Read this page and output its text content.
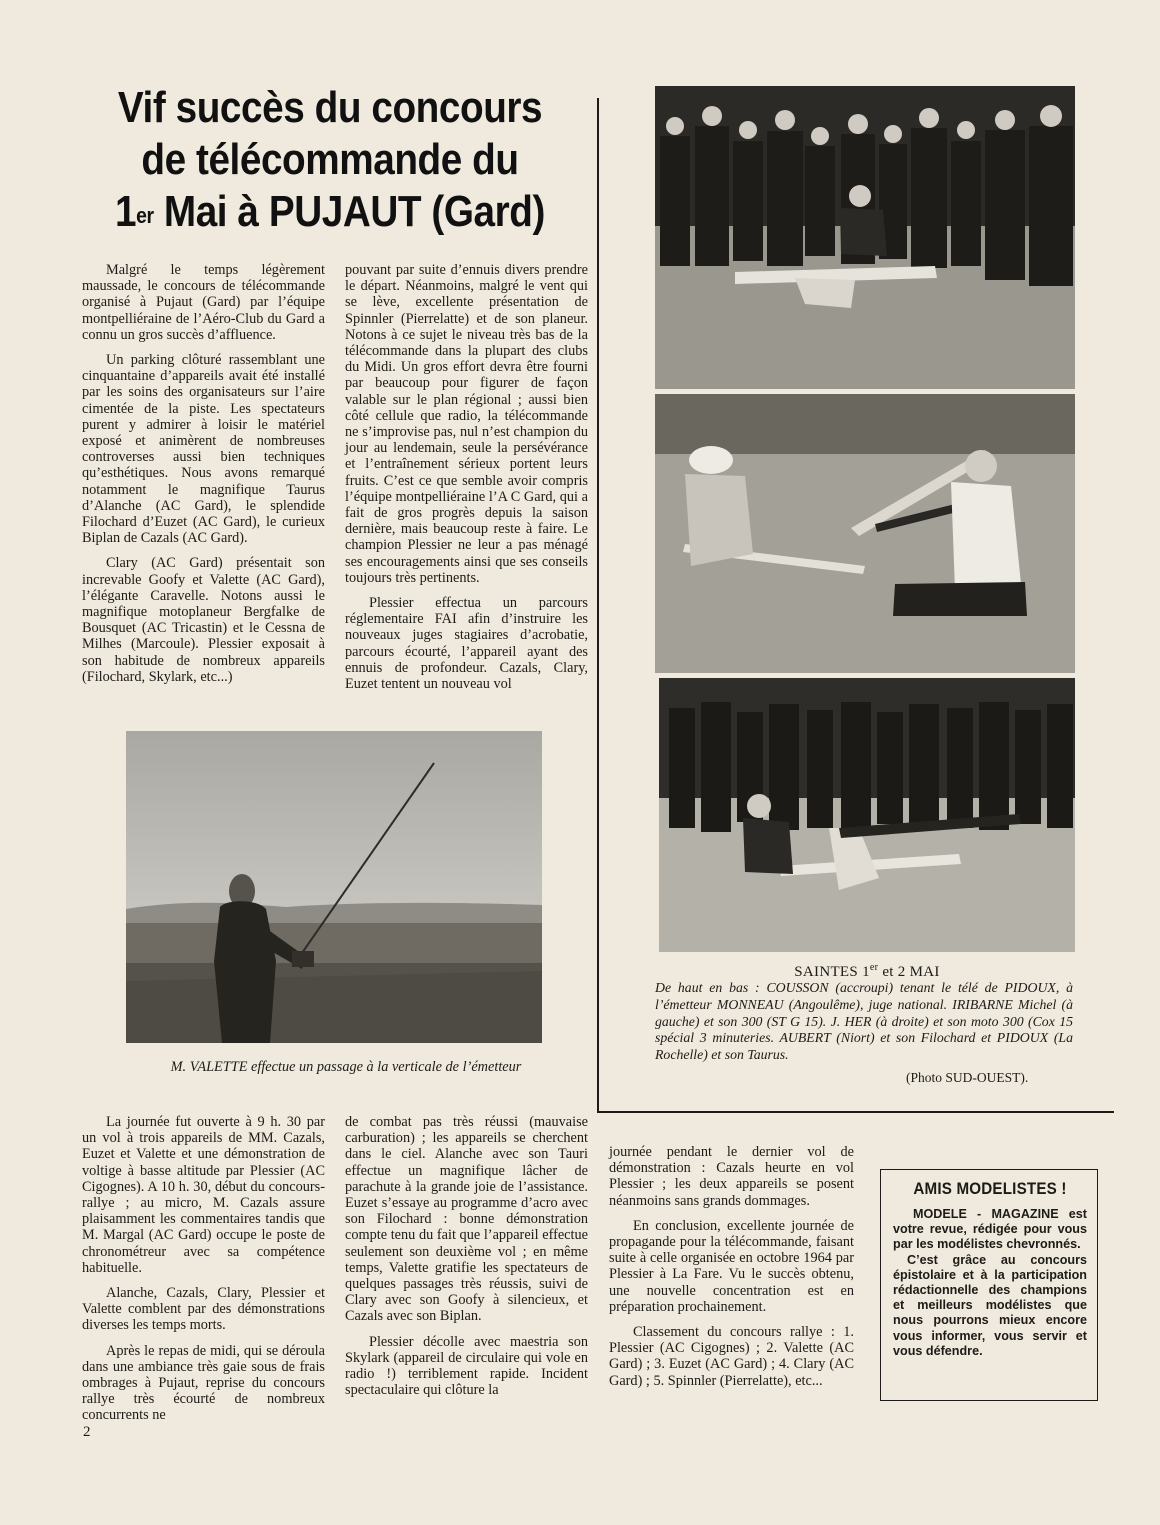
Vif succès du concours
de télécommande du
1er Mai à PUJAUT (Gard)

Malgré le temps légèrement maussade, le concours de télécommande organisé à Pujaut (Gard) par l’équipe montpelliéraine de l’Aéro-Club du Gard a connu un gros succès d’affluence.

Un parking clôturé rassemblant une cinquantaine d’appareils avait été installé par les soins des organisateurs sur l’aire cimentée de la piste. Les spectateurs purent y admirer à loisir le matériel exposé et animèrent de nombreuses controverses aussi bien techniques qu’esthétiques. Nous avons remarqué notamment le magnifique Taurus d’Alanche (AC Gard), le splendide Filochard d’Euzet (AC Gard), le curieux Biplan de Cazals (AC Gard).

Clary (AC Gard) présentait son increvable Goofy et Valette (AC Gard), l’élégante Caravelle. Notons aussi le magnifique motoplaneur Bergfalke de Bousquet (AC Tricastin) et le Cessna de Milhes (Marcoule). Plessier exposait à son habitude de nombreux appareils (Filochard, Skylark, etc...)

pouvant par suite d’ennuis divers prendre le départ. Néanmoins, malgré le vent qui se lève, excellente présentation de Spinnler (Pierrelatte) et de son planeur. Notons à ce sujet le niveau très bas de la télécommande dans la plupart des clubs du Midi. Un gros effort devra être fourni par beaucoup pour figurer de façon valable sur le plan régional ; aussi bien côté cellule que radio, la télécommande ne s’improvise pas, nul n’est champion du jour au lendemain, seule la persévérance et l’entraînement sérieux portent leurs fruits. C’est ce que semble avoir compris l’équipe montpelliéraine l’A C Gard, qui a fait de gros progrès depuis la saison dernière, mais beaucoup reste à faire. Le champion Plessier ne leur a pas ménagé ses encouragements ainsi que ses conseils toujours très pertinents.

Plessier effectua un parcours réglementaire FAI afin d’instruire les nouveaux juges stagiaires d’acrobatie, parcours écourté, l’appareil ayant des ennuis de profondeur. Cazals, Clary, Euzet tentent un nouveau vol

M. VALETTE effectue un passage à la verticale de l’émetteur
SAINTES 1er et 2 MAI
De haut en bas : COUSSON (accroupi) tenant le télé de PIDOUX, à l’émetteur MONNEAU (Angoulême), juge national. IRIBARNE Michel (à gauche) et son 300 (ST G 15). J. HER (à droite) et son moto 300 (Cox 15 spécial 3 minuteries. AUBERT (Niort) et son Filochard et PIDOUX (La Rochelle) et son Taurus.
(Photo SUD-OUEST).

La journée fut ouverte à 9 h. 30 par un vol à trois appareils de MM. Cazals, Euzet et Valette et une démonstration de voltige à basse altitude par Plessier (AC Cigognes). A 10 h. 30, début du concours-rallye ; au micro, M. Cazals assure plaisamment les commentaires tandis que M. Margal (AC Gard) occupe le poste de chronométreur avec sa compétence habituelle.

Alanche, Cazals, Clary, Plessier et Valette comblent par des démonstrations diverses les temps morts.

Après le repas de midi, qui se déroula dans une ambiance très gaie sous de frais ombrages à Pujaut, reprise du concours rallye très écourté de nombreux concurrents ne

de combat pas très réussi (mauvaise carburation) ; les appareils se cherchent dans le ciel. Alanche avec son Tauri effectue un magnifique lâcher de parachute à la grande joie de l’assistance. Euzet s’essaye au programme d’acro avec son Filochard : bonne démonstration compte tenu du fait que l’appareil effectue seulement son deuxième vol ; en même temps, Valette gratifie les spectateurs de quelques passages très réussis, suivi de Clary avec son Goofy à silencieux, et Cazals avec son Biplan.

Plessier décolle avec maestria son Skylark (appareil de circulaire qui vole en radio !) terriblement rapide. Incident spectaculaire qui clôture la

journée pendant le dernier vol de démonstration : Cazals heurte en vol Plessier ; les deux appareils se posent néanmoins sans grands dommages.

En conclusion, excellente journée de propagande pour la télécommande, faisant suite à celle organisée en octobre 1964 par Plessier à La Fare. Vu le succès obtenu, une nouvelle concentration est en préparation prochainement.

Classement du concours rallye : 1. Plessier (AC Cigognes) ; 2. Valette (AC Gard) ; 3. Euzet (AC Gard) ; 4. Clary (AC Gard) ; 5. Spinnler (Pierrelatte), etc...

AMIS MODELISTES !

MODELE - MAGAZINE est votre revue, rédigée pour vous par les modélistes chevronnés.

C’est grâce au concours épistolaire et à la participation rédactionnelle des champions et meilleurs modélistes que nous pourrons mieux encore vous informer, vous servir et vous défendre.

2
